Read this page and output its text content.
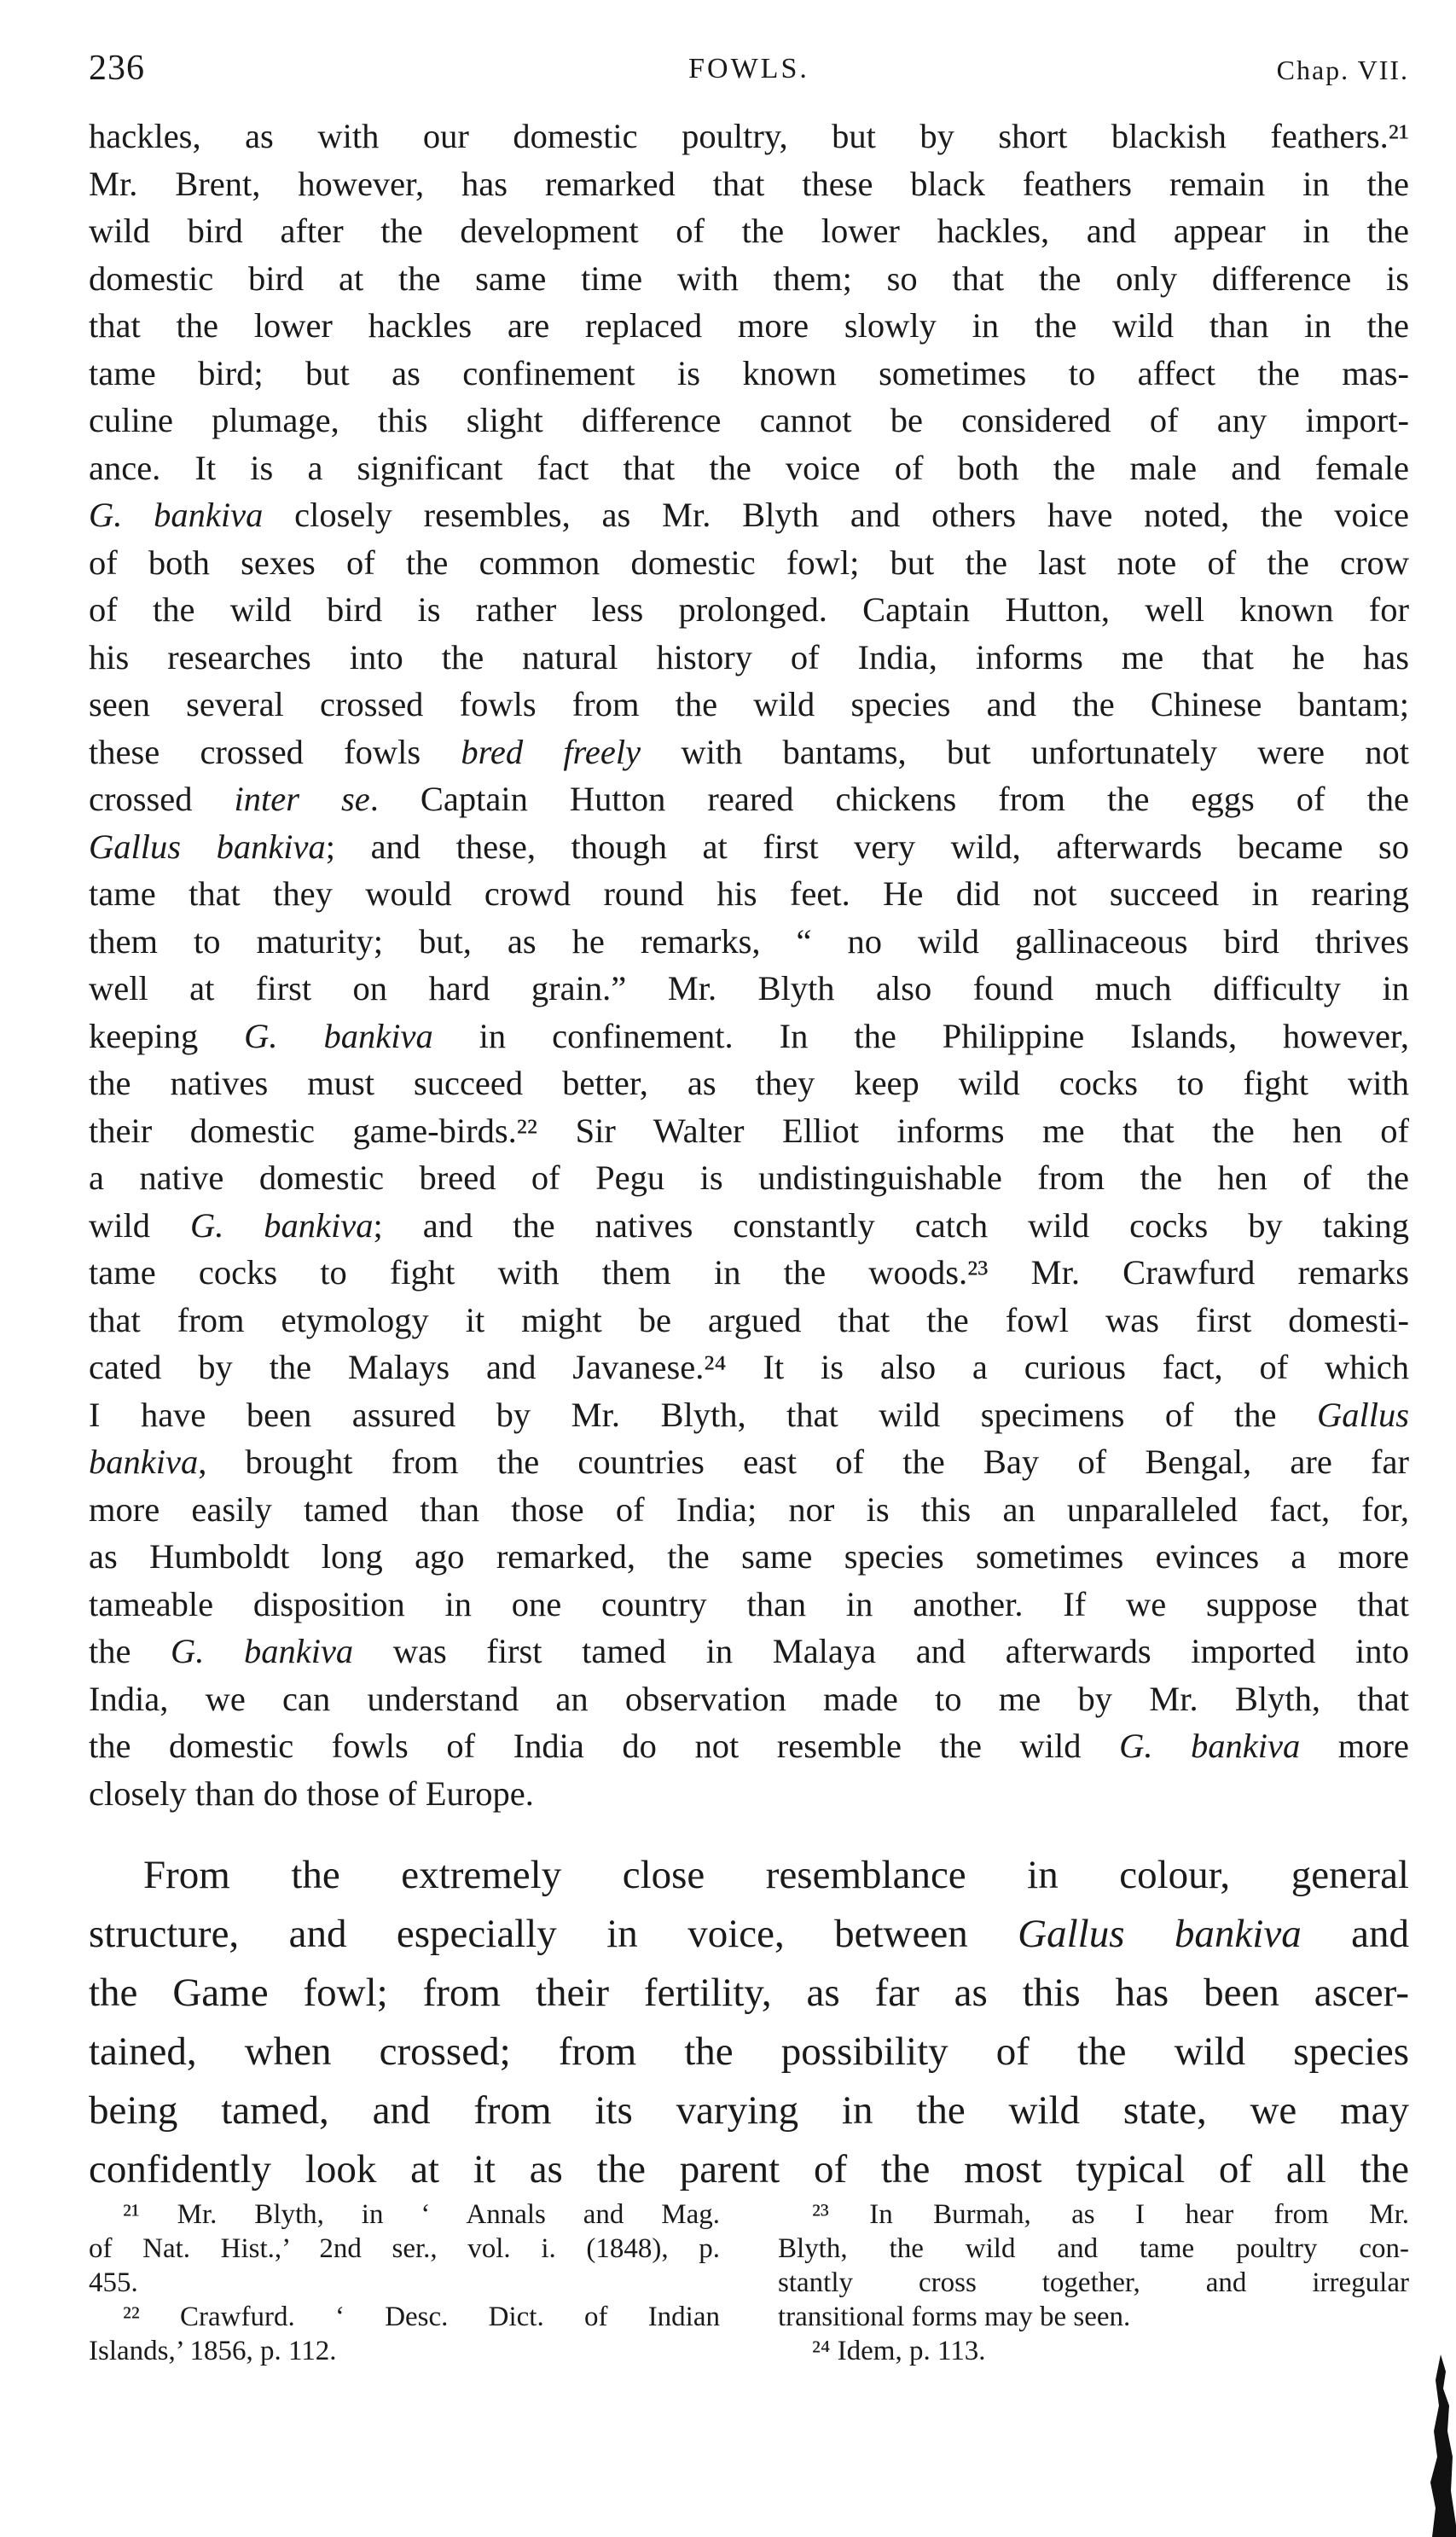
236	FOWLS.	Chap. VII.
hackles, as with our domestic poultry, but by short blackish feathers.²¹
Mr. Brent, however, has remarked that these black feathers remain in the
wild bird after the development of the lower hackles, and appear in the
domestic bird at the same time with them; so that the only difference is
that the lower hackles are replaced more slowly in the wild than in the
tame bird; but as confinement is known sometimes to affect the mas-
culine plumage, this slight difference cannot be considered of any import-
ance. It is a significant fact that the voice of both the male and female
G. bankiva closely resembles, as Mr. Blyth and others have noted, the voice
of both sexes of the common domestic fowl; but the last note of the crow
of the wild bird is rather less prolonged. Captain Hutton, well known for
his researches into the natural history of India, informs me that he has
seen several crossed fowls from the wild species and the Chinese bantam;
these crossed fowls bred freely with bantams, but unfortunately were not
crossed inter se. Captain Hutton reared chickens from the eggs of the
Gallus bankiva; and these, though at first very wild, afterwards became so
tame that they would crowd round his feet. He did not succeed in rearing
them to maturity; but, as he remarks, “ no wild gallinaceous bird thrives
well at first on hard grain.” Mr. Blyth also found much difficulty in
keeping G. bankiva in confinement. In the Philippine Islands, however,
the natives must succeed better, as they keep wild cocks to fight with
their domestic game-birds.²² Sir Walter Elliot informs me that the hen of
a native domestic breed of Pegu is undistinguishable from the hen of the
wild G. bankiva; and the natives constantly catch wild cocks by taking
tame cocks to fight with them in the woods.²³ Mr. Crawfurd remarks
that from etymology it might be argued that the fowl was first domesti-
cated by the Malays and Javanese.²⁴ It is also a curious fact, of which
I have been assured by Mr. Blyth, that wild specimens of the Gallus
bankiva, brought from the countries east of the Bay of Bengal, are far
more easily tamed than those of India; nor is this an unparalleled fact, for,
as Humboldt long ago remarked, the same species sometimes evinces a more
tameable disposition in one country than in another. If we suppose that
the G. bankiva was first tamed in Malaya and afterwards imported into
India, we can understand an observation made to me by Mr. Blyth, that
the domestic fowls of India do not resemble the wild G. bankiva more
closely than do those of Europe.
From the extremely close resemblance in colour, general
structure, and especially in voice, between Gallus bankiva and
the Game fowl; from their fertility, as far as this has been ascer-
tained, when crossed; from the possibility of the wild species
being tamed, and from its varying in the wild state, we may
confidently look at it as the parent of the most typical of all the
²¹ Mr. Blyth, in ‘ Annals and Mag.
of Nat. Hist.,’ 2nd ser., vol. i. (1848), p.
455.
²² Crawfurd. ‘ Desc. Dict. of Indian
Islands,’ 1856, p. 112.
²³ In Burmah, as I hear from Mr.
Blyth, the wild and tame poultry con-
stantly cross together, and irregular
transitional forms may be seen.
²⁴ Idem, p. 113.
